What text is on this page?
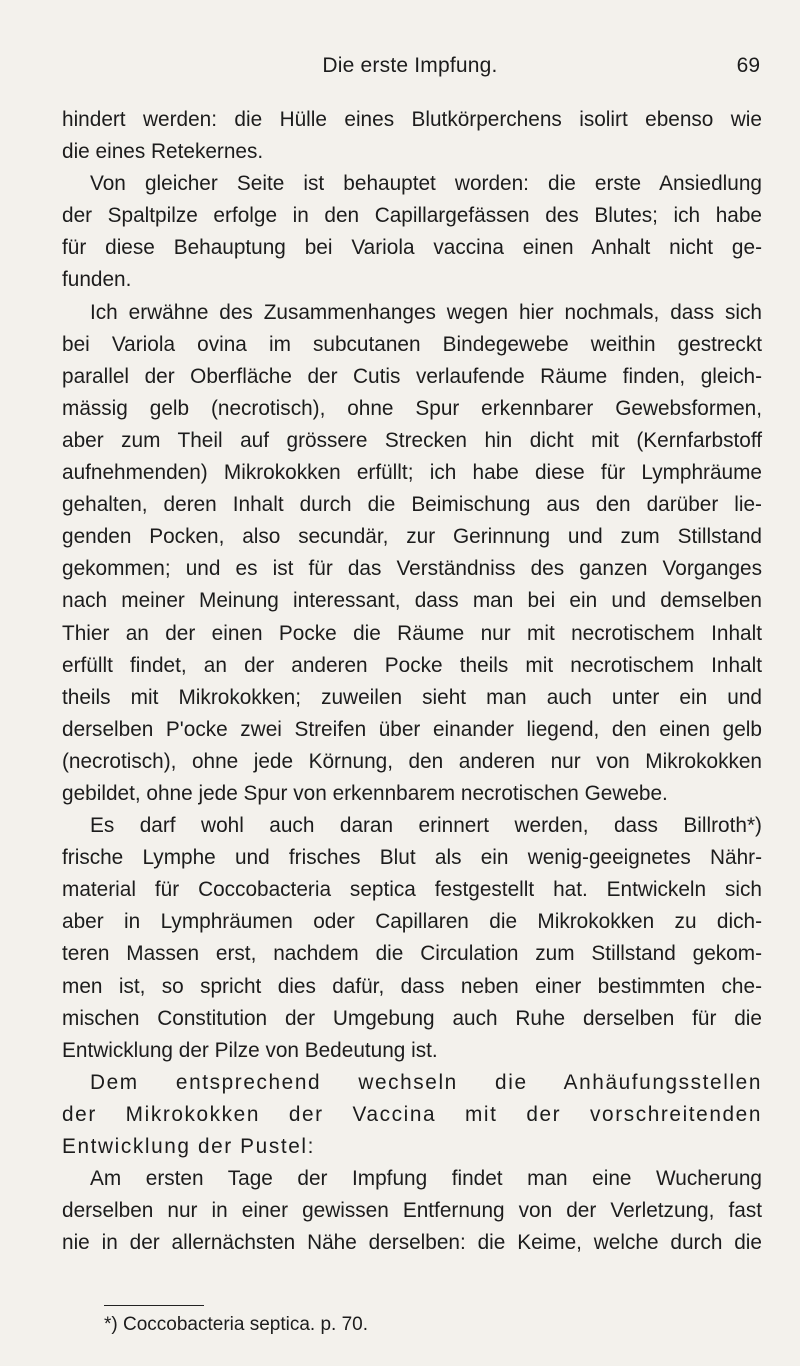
Die erste Impfung.	69
hindert werden: die Hülle eines Blutkörperchens isolirt ebenso wie
die eines Retekernes.
Von gleicher Seite ist behauptet worden: die erste Ansiedlung
der Spaltpilze erfolge in den Capillargefässen des Blutes; ich habe
für diese Behauptung bei Variola vaccina einen Anhalt nicht ge-
funden.
Ich erwähne des Zusammenhanges wegen hier nochmals, dass sich
bei Variola ovina im subcutanen Bindegewebe weithin gestreckt
parallel der Oberfläche der Cutis verlaufende Räume finden, gleich-
mässig gelb (necrotisch), ohne Spur erkennbarer Gewebsformen,
aber zum Theil auf grössere Strecken hin dicht mit (Kernfarbstoff
aufnehmenden) Mikrokokken erfüllt; ich habe diese für Lymphräume
gehalten, deren Inhalt durch die Beimischung aus den darüber lie-
genden Pocken, also secundär, zur Gerinnung und zum Stillstand
gekommen; und es ist für das Verständniss des ganzen Vorganges
nach meiner Meinung interessant, dass man bei ein und demselben
Thier an der einen Pocke die Räume nur mit necrotischem Inhalt
erfüllt findet, an der anderen Pocke theils mit necrotischem Inhalt
theils mit Mikrokokken; zuweilen sieht man auch unter ein und
derselben P'ocke zwei Streifen über einander liegend, den einen gelb
(necrotisch), ohne jede Körnung, den anderen nur von Mikrokokken
gebildet, ohne jede Spur von erkennbarem necrotischen Gewebe.
Es darf wohl auch daran erinnert werden, dass Billroth*)
frische Lymphe und frisches Blut als ein wenig-geeignetes Nähr-
material für Coccobacteria septica festgestellt hat. Entwickeln sich
aber in Lymphräumen oder Capillaren die Mikrokokken zu dich-
teren Massen erst, nachdem die Circulation zum Stillstand gekom-
men ist, so spricht dies dafür, dass neben einer bestimmten che-
mischen Constitution der Umgebung auch Ruhe derselben für die
Entwicklung der Pilze von Bedeutung ist.
Dem entsprechend wechseln die Anhäufungsstellen
der Mikrokokken der Vaccina mit der vorschreitenden
Entwicklung der Pustel:
Am ersten Tage der Impfung findet man eine Wucherung
derselben nur in einer gewissen Entfernung von der Verletzung, fast
nie in der allernächsten Nähe derselben: die Keime, welche durch die
*) Coccobacteria septica. p. 70.
